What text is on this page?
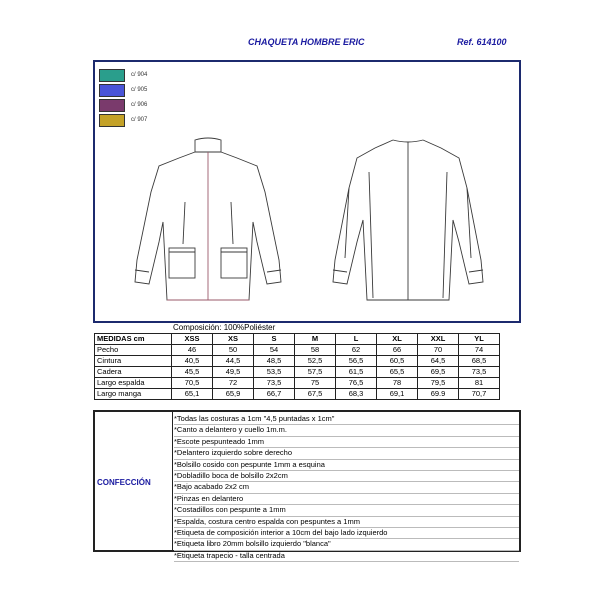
CHAQUETA HOMBRE ERIC	Ref. 614100
c/ 904
c/ 905
c/ 906
c/ 907
Composición: 100%Poliéster
MEDIDAS cm	XSS	XS	S	M	L	XL	XXL	YL
Pecho	46	50	54	58	62	66	70	74
Cintura	40,5	44,5	48,5	52,5	56,5	60,5	64,5	68,5
Cadera	45,5	49,5	53,5	57,5	61,5	65,5	69,5	73,5
Largo espalda	70,5	72	73,5	75	76,5	78	79,5	81
Largo manga	65,1	65,9	66,7	67,5	68,3	69,1	69.9	70,7
CONFECCIÓN
*Todas las costuras a 1cm "4,5 puntadas x 1cm"
*Canto a delantero y cuello 1m.m.
*Escote pespunteado 1mm
*Delantero izquierdo sobre derecho
*Bolsillo cosido con pespunte 1mm a esquina
*Dobladillo boca de bolsillo 2x2cm
*Bajo acabado 2x2 cm
*Pinzas en delantero
*Costadillos con pespunte a 1mm
*Espalda, costura centro espalda con pespuntes a 1mm
*Etiqueta de composición interior a 10cm del bajo lado izquierdo
*Etiqueta libro 20mm bolsillo izquierdo "blanca"
*Etiqueta trapecio - talla centrada
